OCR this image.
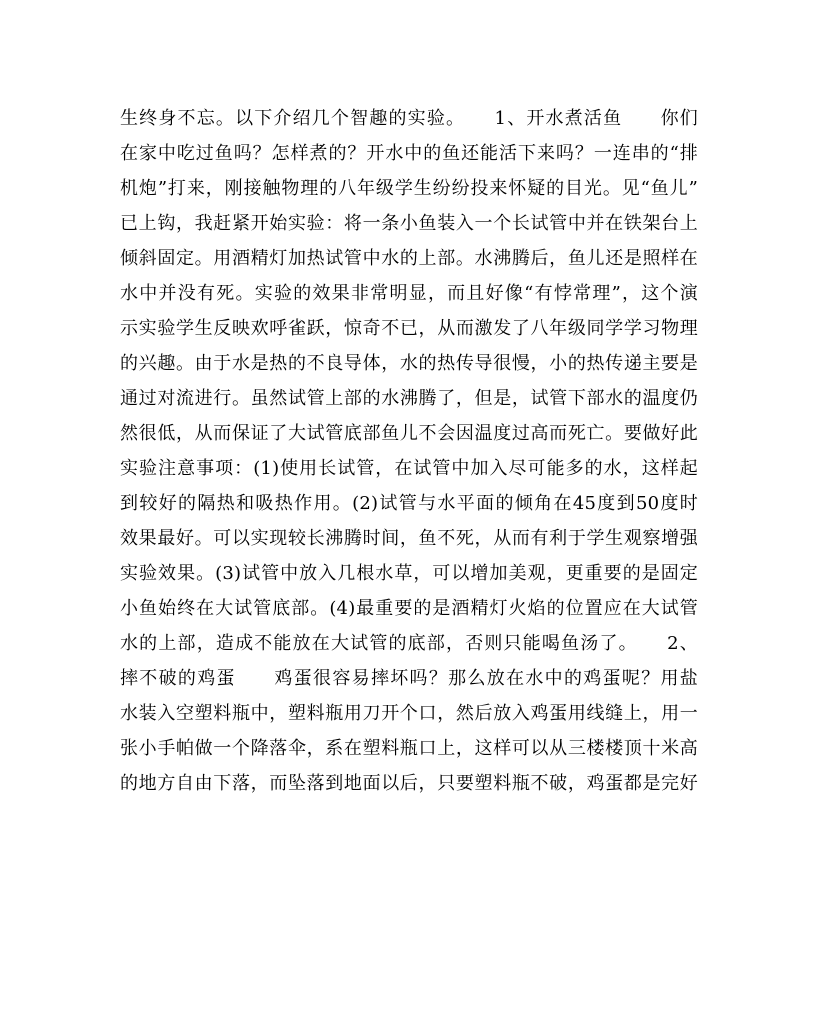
生终身不忘。以下介绍几个智趣的实验。　　1、开水煮活鱼　　你们
在家中吃过鱼吗？怎样煮的？开水中的鱼还能活下来吗？一连串的“排
机炮”打来，刚接触物理的八年级学生纷纷投来怀疑的目光。见“鱼儿”
已上钩，我赶紧开始实验：将一条小鱼装入一个长试管中并在铁架台上
倾斜固定。用酒精灯加热试管中水的上部。水沸腾后，鱼儿还是照样在
水中并没有死。实验的效果非常明显，而且好像“有悖常理”，这个演
示实验学生反映欢呼雀跃，惊奇不已，从而激发了八年级同学学习物理
的兴趣。由于水是热的不良导体，水的热传导很慢，小的热传递主要是
通过对流进行。虽然试管上部的水沸腾了，但是，试管下部水的温度仍
然很低，从而保证了大试管底部鱼儿不会因温度过高而死亡。要做好此
实验注意事项：(1)使用长试管，在试管中加入尽可能多的水，这样起
到较好的隔热和吸热作用。(2)试管与水平面的倾角在45度到50度时
效果最好。可以实现较长沸腾时间，鱼不死，从而有利于学生观察增强
实验效果。(3)试管中放入几根水草，可以增加美观，更重要的是固定
小鱼始终在大试管底部。(4)最重要的是酒精灯火焰的位置应在大试管
水的上部，造成不能放在大试管的底部，否则只能喝鱼汤了。　　2、
摔不破的鸡蛋　　鸡蛋很容易摔坏吗？那么放在水中的鸡蛋呢？用盐
水装入空塑料瓶中，塑料瓶用刀开个口，然后放入鸡蛋用线缝上，用一
张小手帕做一个降落伞，系在塑料瓶口上，这样可以从三楼楼顶十米高
的地方自由下落，而坠落到地面以后，只要塑料瓶不破，鸡蛋都是完好
